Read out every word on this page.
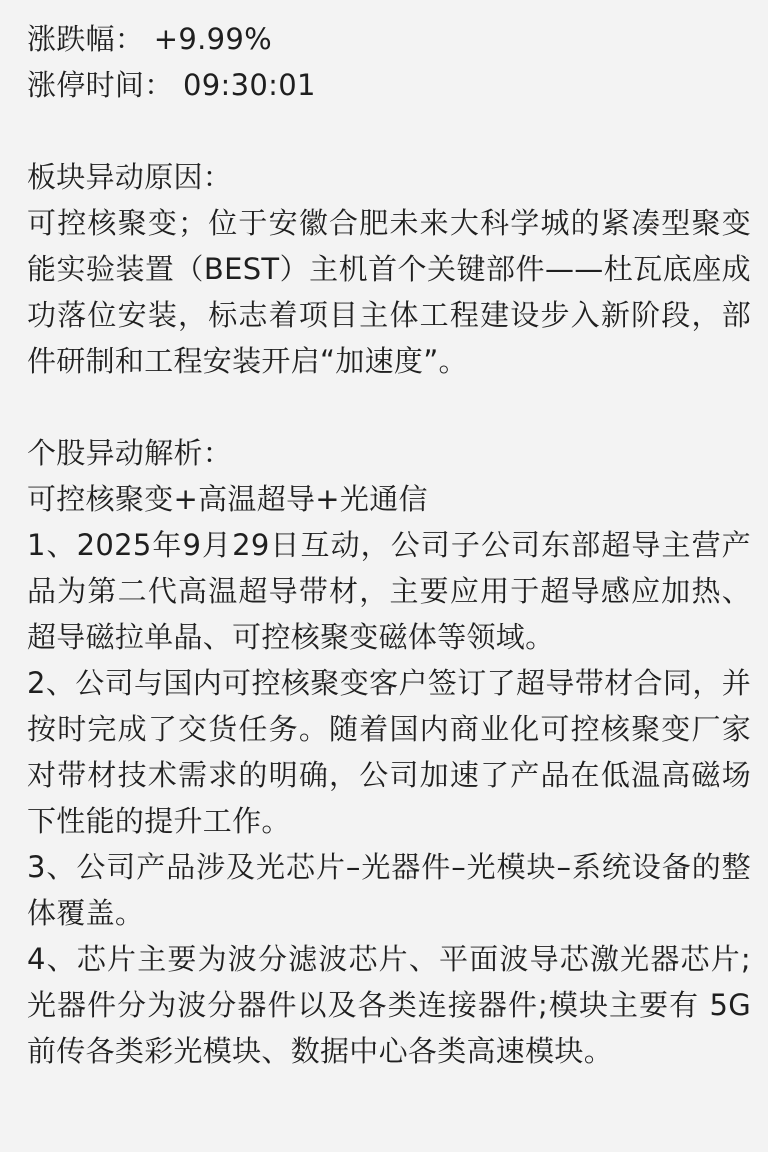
涨跌幅： +9.99%
涨停时间： 09:30:01
板块异动原因：
可控核聚变；位于安徽合肥未来大科学城的紧凑型聚变能实验装置（BEST）主机首个关键部件——杜瓦底座成功落位安装，标志着项目主体工程建设步入新阶段，部件研制和工程安装开启“加速度”。
个股异动解析：
可控核聚变+高温超导+光通信
1、2025年9月29日互动，公司子公司东部超导主营产品为第二代高温超导带材，主要应用于超导感应加热、超导磁拉单晶、可控核聚变磁体等领域。
2、公司与国内可控核聚变客户签订了超导带材合同，并按时完成了交货任务。随着国内商业化可控核聚变厂家对带材技术需求的明确，公司加速了产品在低温高磁场下性能的提升工作。
3、公司产品涉及光芯片–光器件–光模块–系统设备的整体覆盖。
4、芯片主要为波分滤波芯片、平面波导芯激光器芯片;光器件分为波分器件以及各类连接器件;模块主要有 5G 前传各类彩光模块、数据中心各类高速模块。
